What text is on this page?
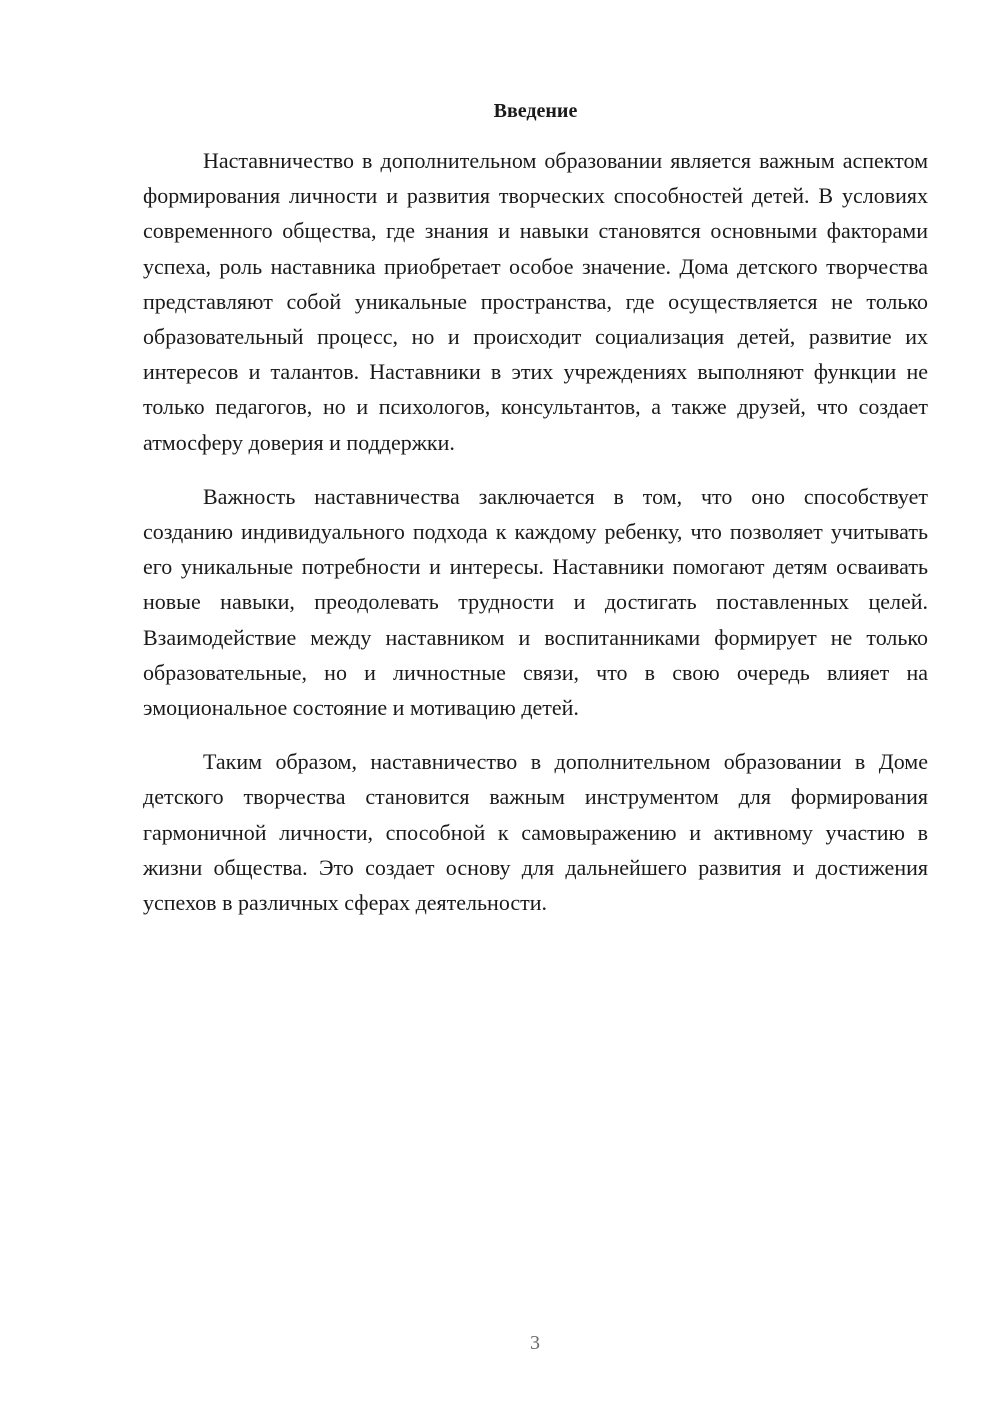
Введение

Наставничество в дополнительном образовании является важным аспектом формирования личности и развития творческих способностей детей. В условиях современного общества, где знания и навыки становятся основными факторами успеха, роль наставника приобретает особое значение. Дома детского творчества представляют собой уникальные пространства, где осуществляется не только образовательный процесс, но и происходит социализация детей, развитие их интересов и талантов. Наставники в этих учреждениях выполняют функции не только педагогов, но и психологов, консультантов, а также друзей, что создает атмосферу доверия и поддержки.

Важность наставничества заключается в том, что оно способствует созданию индивидуального подхода к каждому ребенку, что позволяет учитывать его уникальные потребности и интересы. Наставники помогают детям осваивать новые навыки, преодолевать трудности и достигать поставленных целей. Взаимодействие между наставником и воспитанниками формирует не только образовательные, но и личностные связи, что в свою очередь влияет на эмоциональное состояние и мотивацию детей.

Таким образом, наставничество в дополнительном образовании в Доме детского творчества становится важным инструментом для формирования гармоничной личности, способной к самовыражению и активному участию в жизни общества. Это создает основу для дальнейшего развития и достижения успехов в различных сферах деятельности.

3
